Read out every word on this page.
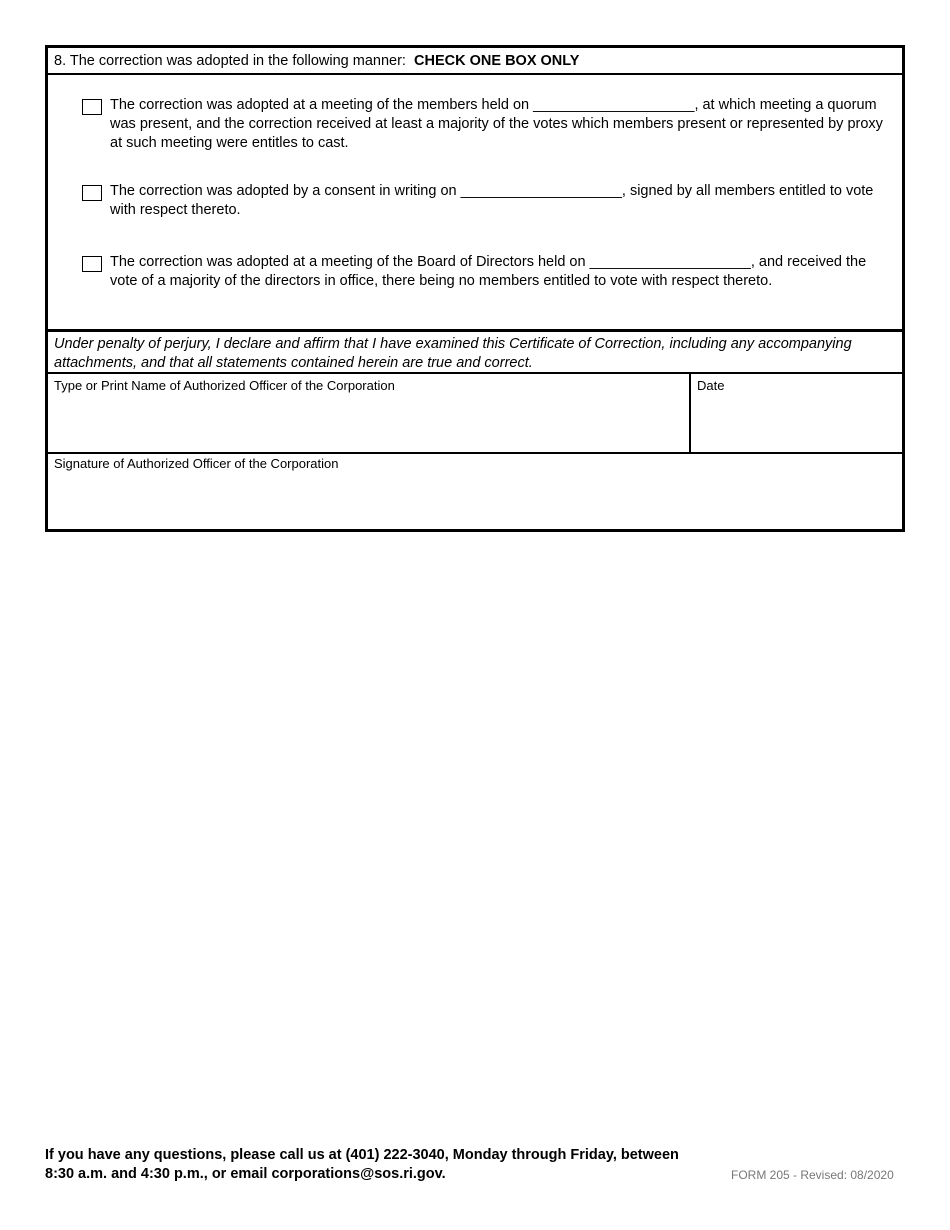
8. The correction was adopted in the following manner: CHECK ONE BOX ONLY
The correction was adopted at a meeting of the members held on ____________________, at which meeting a quorum was present, and the correction received at least a majority of the votes which members present or represented by proxy at such meeting were entitles to cast.
The correction was adopted by a consent in writing on ____________________, signed by all members entitled to vote with respect thereto.
The correction was adopted at a meeting of the Board of Directors held on ____________________, and received the vote of a majority of the directors in office, there being no members entitled to vote with respect thereto.
Under penalty of perjury, I declare and affirm that I have examined this Certificate of Correction, including any accompanying attachments, and that all statements contained herein are true and correct.
Type or Print Name of Authorized Officer of the Corporation	Date
Signature of Authorized Officer of the Corporation
If you have any questions, please call us at (401) 222-3040, Monday through Friday, between 8:30 a.m. and 4:30 p.m., or email corporations@sos.ri.gov.	FORM 205 - Revised: 08/2020
